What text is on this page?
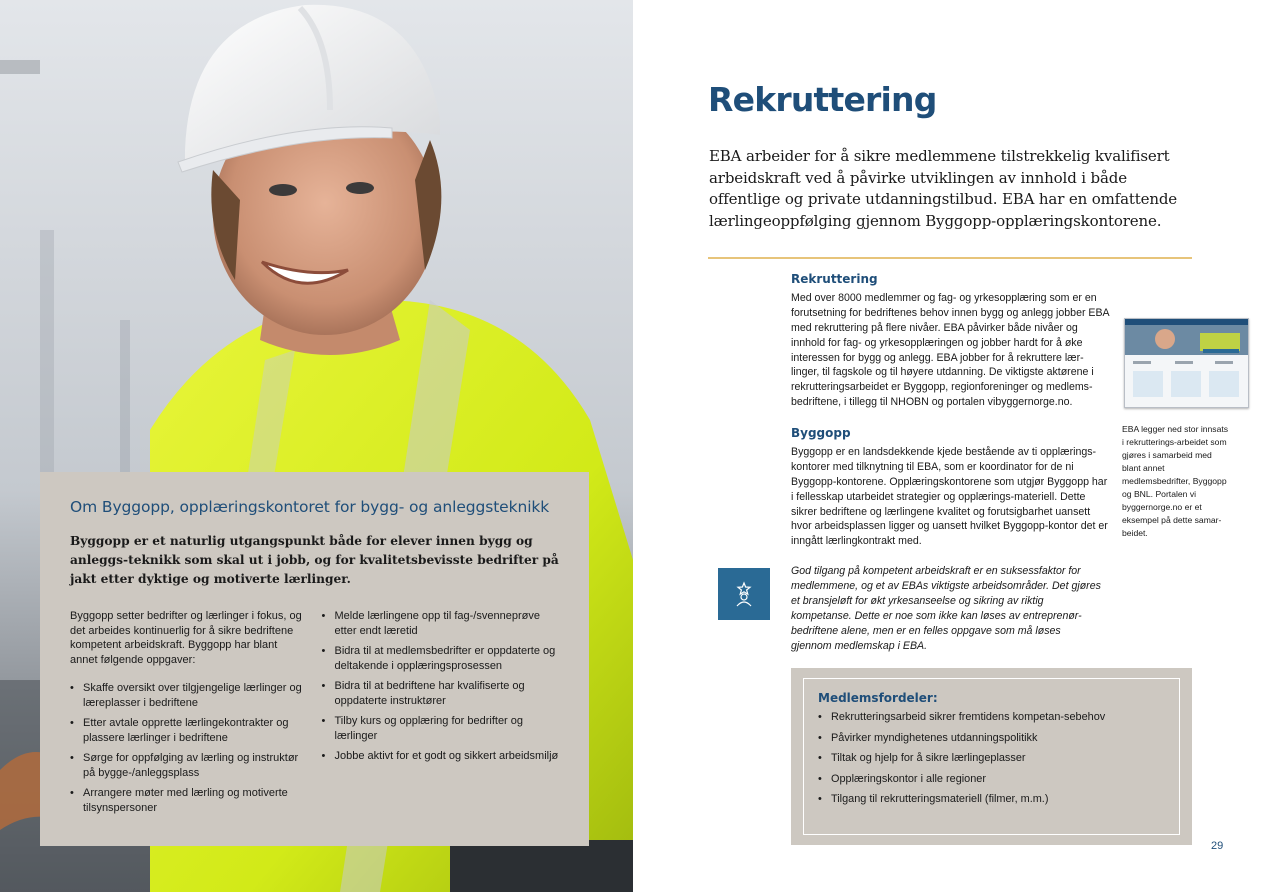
Om Byggopp, opplæringskontoret for bygg- og anleggsteknikk
Byggopp er et naturlig utgangspunkt både for elever innen bygg og anleggs-teknikk som skal ut i jobb, og for kvalitetsbevisste bedrifter på jakt etter dyktige og motiverte lærlinger.

Byggopp setter bedrifter og lærlinger i fokus, og det arbeides kontinuerlig for å sikre bedriftene kompetent arbeidskraft. Byggopp har blant annet følgende oppgaver:

• Skaffe oversikt over tilgjengelige lærlinger og læreplasser i bedriftene
• Etter avtale opprette lærlingekontrakter og plassere lærlinger i bedriftene
• Sørge for oppfølging av lærling og instruktør på bygge-/anleggsplass
• Arrangere møter med lærling og motiverte tilsynspersoner
• Melde lærlingene opp til fag-/svenneprøve etter endt læretid
• Bidra til at medlemsbedrifter er oppdaterte og deltakende i opplæringsprosessen
• Bidra til at bedriftene har kvalifiserte og oppdaterte instruktører
• Tilby kurs og opplæring for bedrifter og lærlinger
• Jobbe aktivt for et godt og sikkert arbeidsmiljø
Rekruttering

EBA arbeider for å sikre medlemmene tilstrekkelig kvalifisert arbeidskraft ved å påvirke utviklingen av innhold i både offentlige og private utdanningstilbud. EBA har en omfattende lærlingeoppfølging gjennom Byggopp-opplæringskontorene.

Rekruttering

Med over 8000 medlemmer og fag- og yrkesopplæring som er en forutsetning for bedriftenes behov innen bygg og anlegg jobber EBA med rekruttering på flere nivåer. EBA påvirker både nivåer og innhold for fag- og yrkesopplæringen og jobber hardt for å øke interessen for bygg og anlegg. EBA jobber for å rekruttere lær-linger, til fagskole og til høyere utdanning. De viktigste aktørene i rekrutteringsarbeidet er Byggopp, regionforeninger og medlems-bedriftene, i tillegg til NHOBN og portalen vibyggernorge.no.

Byggopp

Byggopp er en landsdekkende kjede bestående av ti opplærings-kontorer med tilknytning til EBA, som er koordinator for de ni Byggopp-kontorene. Opplæringskontorene som utgjør Byggopp har i fellesskap utarbeidet strategier og opplærings-materiell. Dette sikrer bedriftene og lærlingene kvalitet og forutsigbarhet uansett hvor arbeidsplassen ligger og uansett hvilket Byggopp-kontor det er inngått lærlingkontrakt med.

EBA legger ned stor innsats i rekrutterings-arbeidet som gjøres i samarbeid med blant annet medlemsbedrifter, Byggopp og BNL. Portalen vi byggernorge.no er et eksempel på dette samar-beidet.

God tilgang på kompetent arbeidskraft er en suksessfaktor for medlemmene, og et av EBAs viktigste arbeidsområder. Det gjøres et bransjeløft for økt yrkesanseelse og sikring av riktig kompetanse. Dette er noe som ikke kan løses av entreprenør-bedriftene alene, men er en felles oppgave som må løses gjennom medlemskap i EBA.

Medlemsfordeler:
• Rekrutteringsarbeid sikrer fremtidens kompetan-sebehov
• Påvirker myndighetenes utdanningspolitikk
• Tiltak og hjelp for å sikre lærlingeplasser
• Opplæringskontor i alle regioner
• Tilgang til rekrutteringsmateriell (filmer, m.m.)
29
